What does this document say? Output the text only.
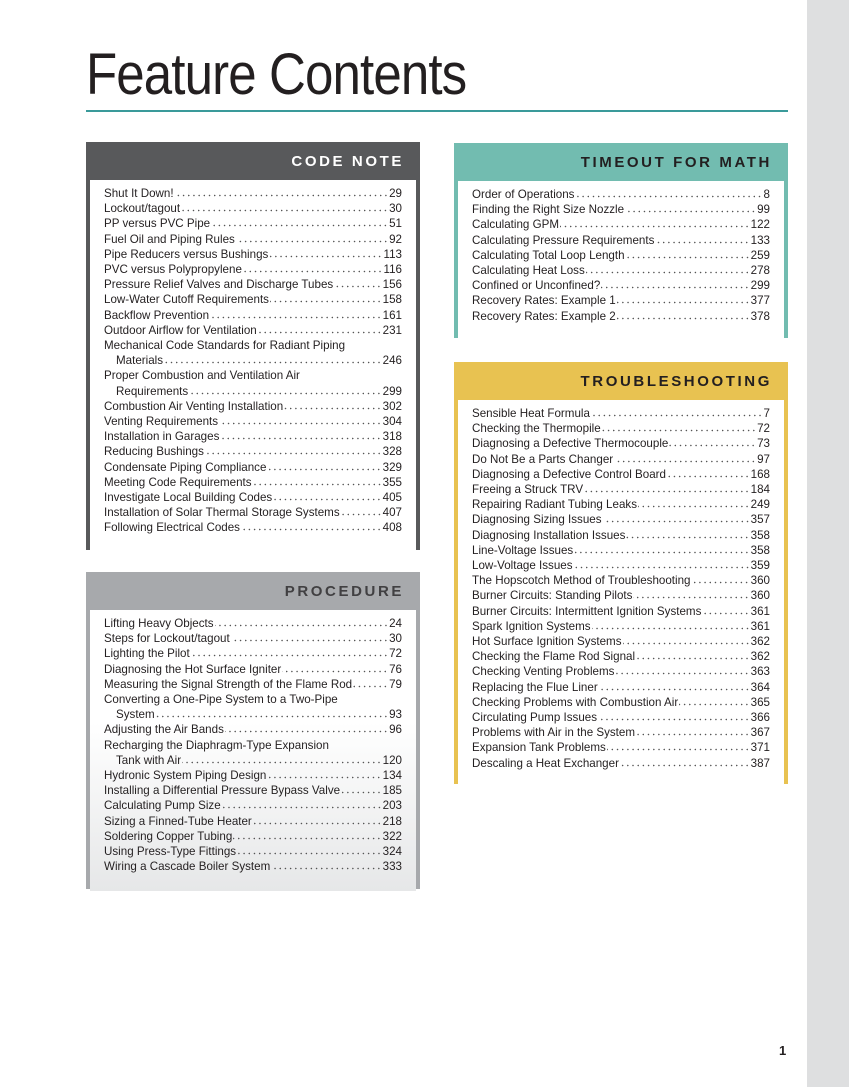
Feature Contents
CODE NOTE
Shut It Down!	29
Lockout/tagout	30
PP versus PVC Pipe	51
Fuel Oil and Piping Rules	92
Pipe Reducers versus Bushings	113
PVC versus Polypropylene	116
Pressure Relief Valves and Discharge Tubes	156
Low-Water Cutoff Requirements	158
Backflow Prevention	161
Outdoor Airflow for Ventilation	231
Mechanical Code Standards for Radiant Piping
Materials	246
Proper Combustion and Ventilation Air
Requirements	299
Combustion Air Venting Installation	302
Venting Requirements	304
Installation in Garages	318
Reducing Bushings	328
Condensate Piping Compliance	329
Meeting Code Requirements	355
Investigate Local Building Codes	405
Installation of Solar Thermal Storage Systems	407
Following Electrical Codes	408
PROCEDURE
Lifting Heavy Objects	24
Steps for Lockout/tagout	30
Lighting the Pilot	72
Diagnosing the Hot Surface Igniter	76
Measuring the Signal Strength of the Flame Rod	79
Converting a One-Pipe System to a Two-Pipe
System	93
Adjusting the Air Bands	96
Recharging the Diaphragm-Type Expansion
Tank with Air	120
Hydronic System Piping Design	134
Installing a Differential Pressure Bypass Valve	185
Calculating Pump Size	203
Sizing a Finned-Tube Heater	218
Soldering Copper Tubing	322
Using Press-Type Fittings	324
Wiring a Cascade Boiler System	333
TIMEOUT FOR MATH
Order of Operations	8
Finding the Right Size Nozzle	99
Calculating GPM	122
Calculating Pressure Requirements	133
Calculating Total Loop Length	259
Calculating Heat Loss	278
Confined or Unconfined?	299
Recovery Rates: Example 1	377
Recovery Rates: Example 2	378
TROUBLESHOOTING
Sensible Heat Formula	7
Checking the Thermopile	72
Diagnosing a Defective Thermocouple	73
Do Not Be a Parts Changer	97
Diagnosing a Defective Control Board	168
Freeing a Struck TRV	184
Repairing Radiant Tubing Leaks	249
Diagnosing Sizing Issues	357
Diagnosing Installation Issues	358
Line-Voltage Issues	358
Low-Voltage Issues	359
The Hopscotch Method of Troubleshooting	360
Burner Circuits: Standing Pilots	360
Burner Circuits: Intermittent Ignition Systems	361
Spark Ignition Systems	361
Hot Surface Ignition Systems	362
Checking the Flame Rod Signal	362
Checking Venting Problems	363
Replacing the Flue Liner	364
Checking Problems with Combustion Air	365
Circulating Pump Issues	366
Problems with Air in the System	367
Expansion Tank Problems	371
Descaling a Heat Exchanger	387
1
